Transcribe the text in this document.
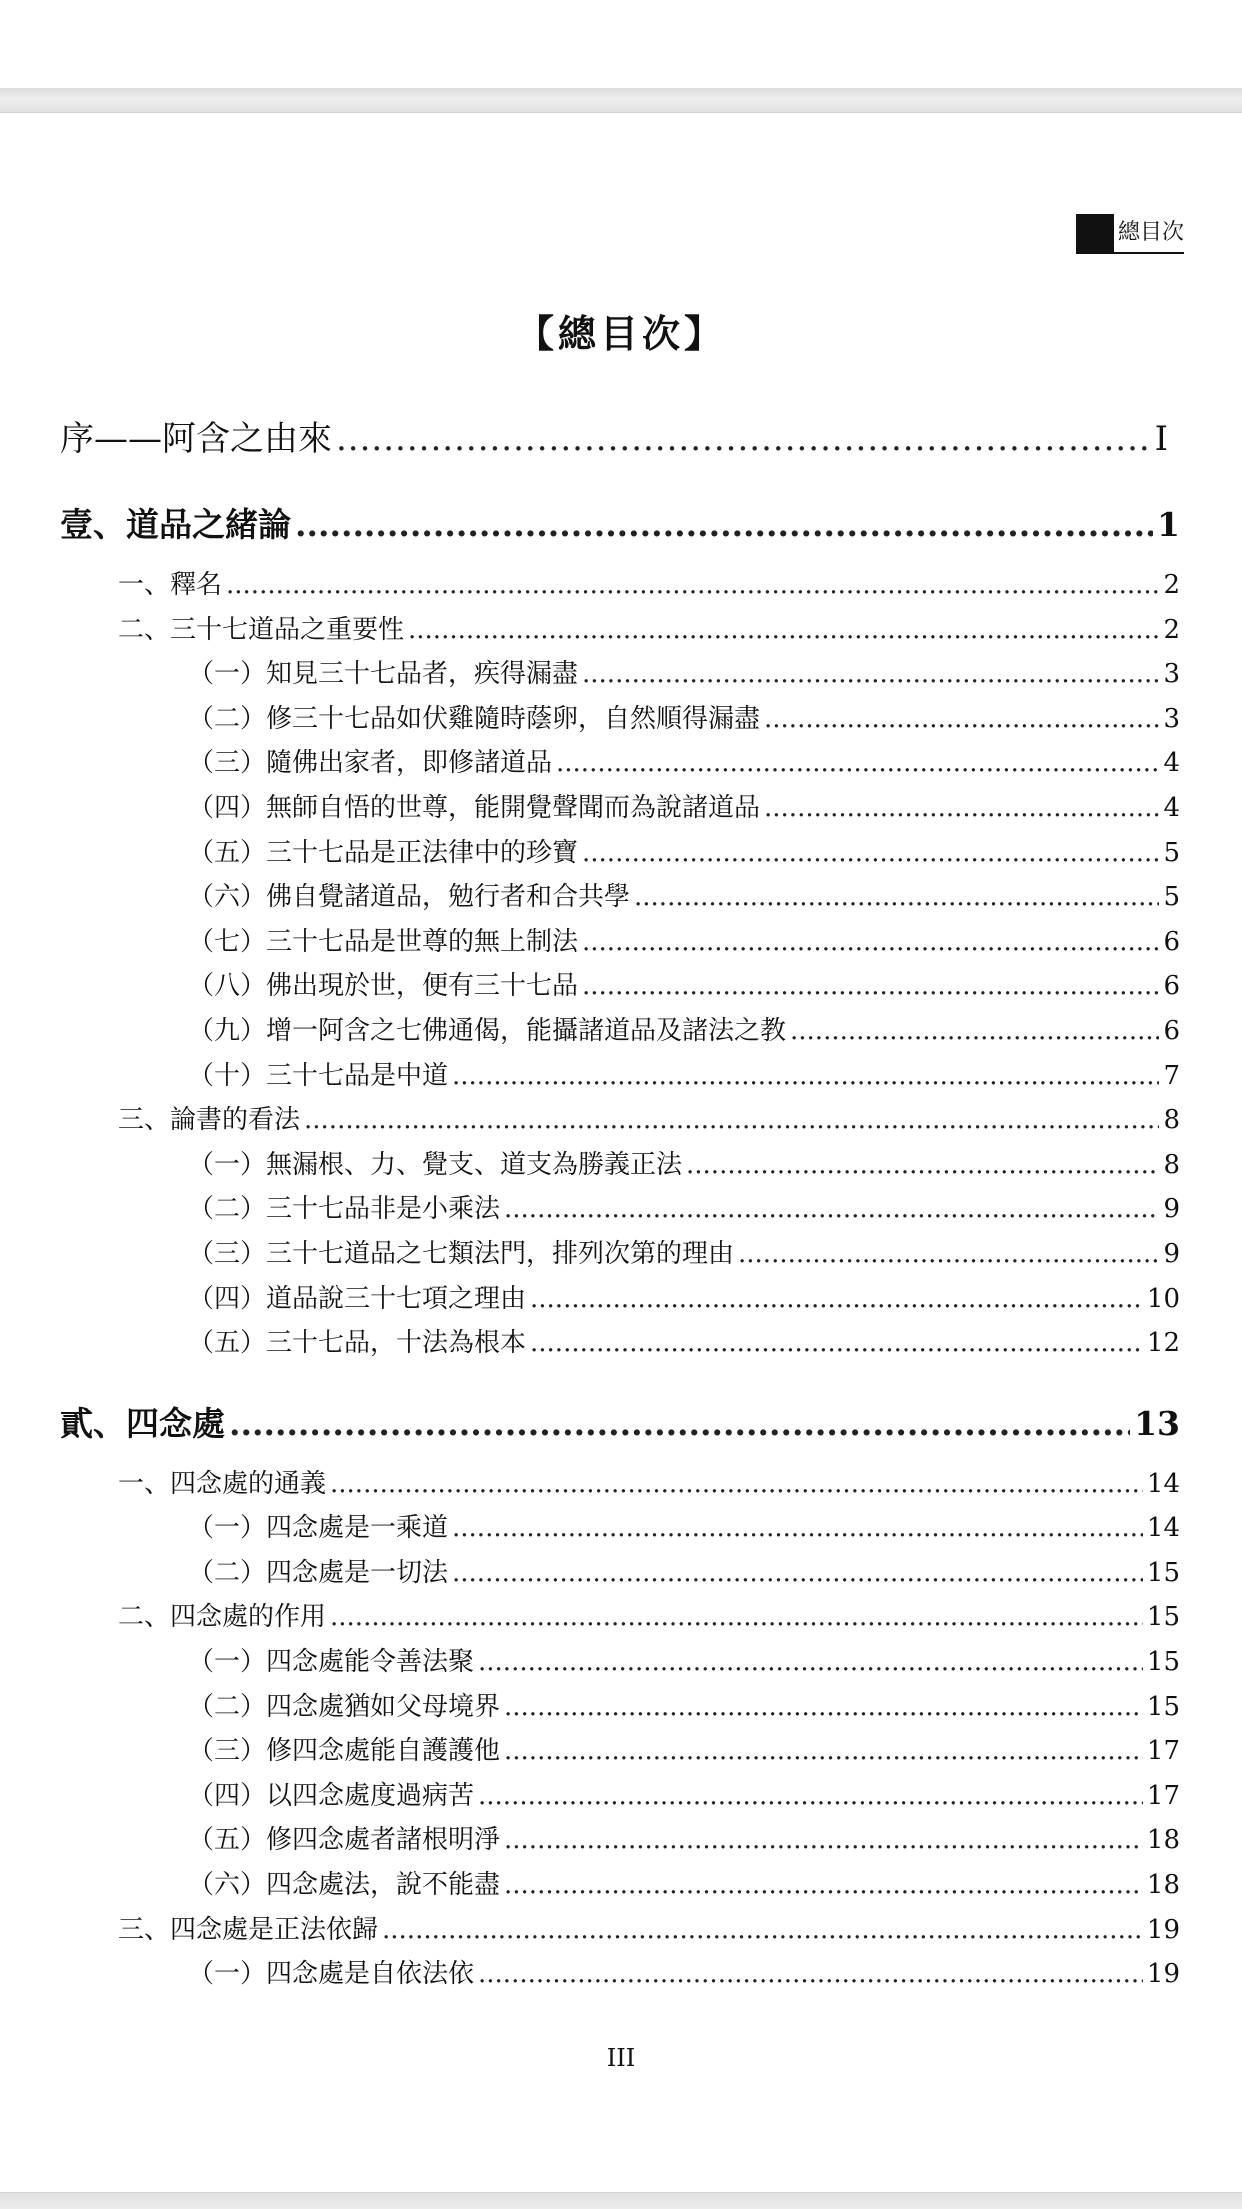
總目次
【總目次】
序——阿含之由來 .....	I
壹、道品之緒論 .....	1
一、釋名 .....	2
二、三十七道品之重要性 .....	2
（一）知見三十七品者，疾得漏盡 .....	3
（二）修三十七品如伏雞隨時蔭卵，自然順得漏盡 .....	3
（三）隨佛出家者，即修諸道品 .....	4
（四）無師自悟的世尊，能開覺聲聞而為說諸道品 .....	4
（五）三十七品是正法律中的珍寶 .....	5
（六）佛自覺諸道品，勉行者和合共學 .....	5
（七）三十七品是世尊的無上制法 .....	6
（八）佛出現於世，便有三十七品 .....	6
（九）增一阿含之七佛通偈，能攝諸道品及諸法之教 .....	6
（十）三十七品是中道 .....	7
三、論書的看法 .....	8
（一）無漏根、力、覺支、道支為勝義正法 .....	8
（二）三十七品非是小乘法 .....	9
（三）三十七道品之七類法門，排列次第的理由 .....	9
（四）道品說三十七項之理由 .....	10
（五）三十七品，十法為根本 .....	12
貳、四念處 .....	13
一、四念處的通義 .....	14
（一）四念處是一乘道 .....	14
（二）四念處是一切法 .....	15
二、四念處的作用 .....	15
（一）四念處能令善法聚 .....	15
（二）四念處猶如父母境界 .....	15
（三）修四念處能自護護他 .....	17
（四）以四念處度過病苦 .....	17
（五）修四念處者諸根明淨 .....	18
（六）四念處法，說不能盡 .....	18
三、四念處是正法依歸 .....	19
（一）四念處是自依法依 .....	19
III
